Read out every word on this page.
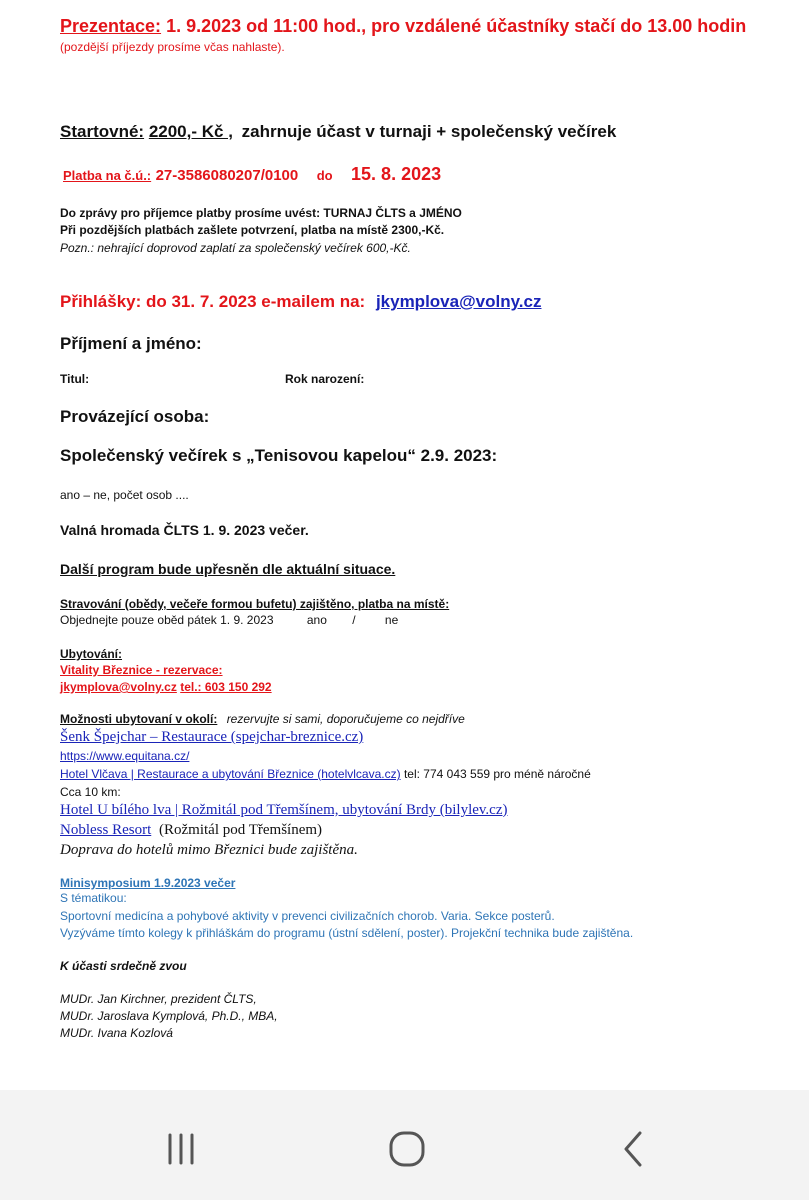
Prezentace: 1. 9.2023 od 11:00 hod., pro vzdálené účastníky stačí do 13.00 hodin
(pozdější příjezdy prosíme včas nahlaste).
Startovné: 2200,- Kč , zahrnuje účast v turnaji + společenský večírek
Platba na č.ú.: 27-3586080207/0100 do 15. 8. 2023
Do zprávy pro příjemce platby prosíme uvést: TURNAJ ČLTS a JMÉNO
Při pozdějších platbách zašlete potvrzení, platba na místě 2300,-Kč.
Pozn.: nehrající doprovod zaplatí za společenský večírek 600,-Kč.
Přihlášky: do 31. 7. 2023 e-mailem na: jkymplova@volny.cz
Příjmení a jméno:
Titul:	Rok narození:
Provázející osoba:
Společenský večírek s „Tenisovou kapelou“ 2.9. 2023:
ano – ne, počet osob ....
Valná hromada ČLTS 1. 9. 2023 večer.
Další program bude upřesněn dle aktuální situace.
Stravování (obědy, večeře formou bufetu) zajištěno, platba na místě:
Objednejte pouze oběd pátek 1. 9. 2023	ano / ne
Ubytování:
Vitality Březnice - rezervace:
jkymplova@volny.cz tel.: 603 150 292
Možnosti ubytovaní v okolí: rezervujte si sami, doporučujeme co nejdříve
Šenk Špejchar – Restaurace (spejchar-breznice.cz)
https://www.equitana.cz/
Hotel Vlčava | Restaurace a ubytování Březnice (hotelvlcava.cz) tel: 774 043 559 pro méně náročné
Cca 10 km:
Hotel U bílého lva | Rožmitál pod Třemšínem, ubytování Brdy (bilylev.cz)
Nobless Resort (Rožmitál pod Třemšínem)
Doprava do hotelů mimo Březnici bude zajištěna.
Minisymposium 1.9.2023 večer
S tématikou:
Sportovní medicína a pohybové aktivity v prevenci civilizačních chorob. Varia. Sekce posterů.
Vyzýváme tímto kolegy k přihláškám do programu (ústní sdělení, poster). Projekční technika bude zajištěna.
K účasti srdečně zvou
MUDr. Jan Kirchner, prezident ČLTS,
MUDr. Jaroslava Kymplová, Ph.D., MBA,
MUDr. Ivana Kozlová
